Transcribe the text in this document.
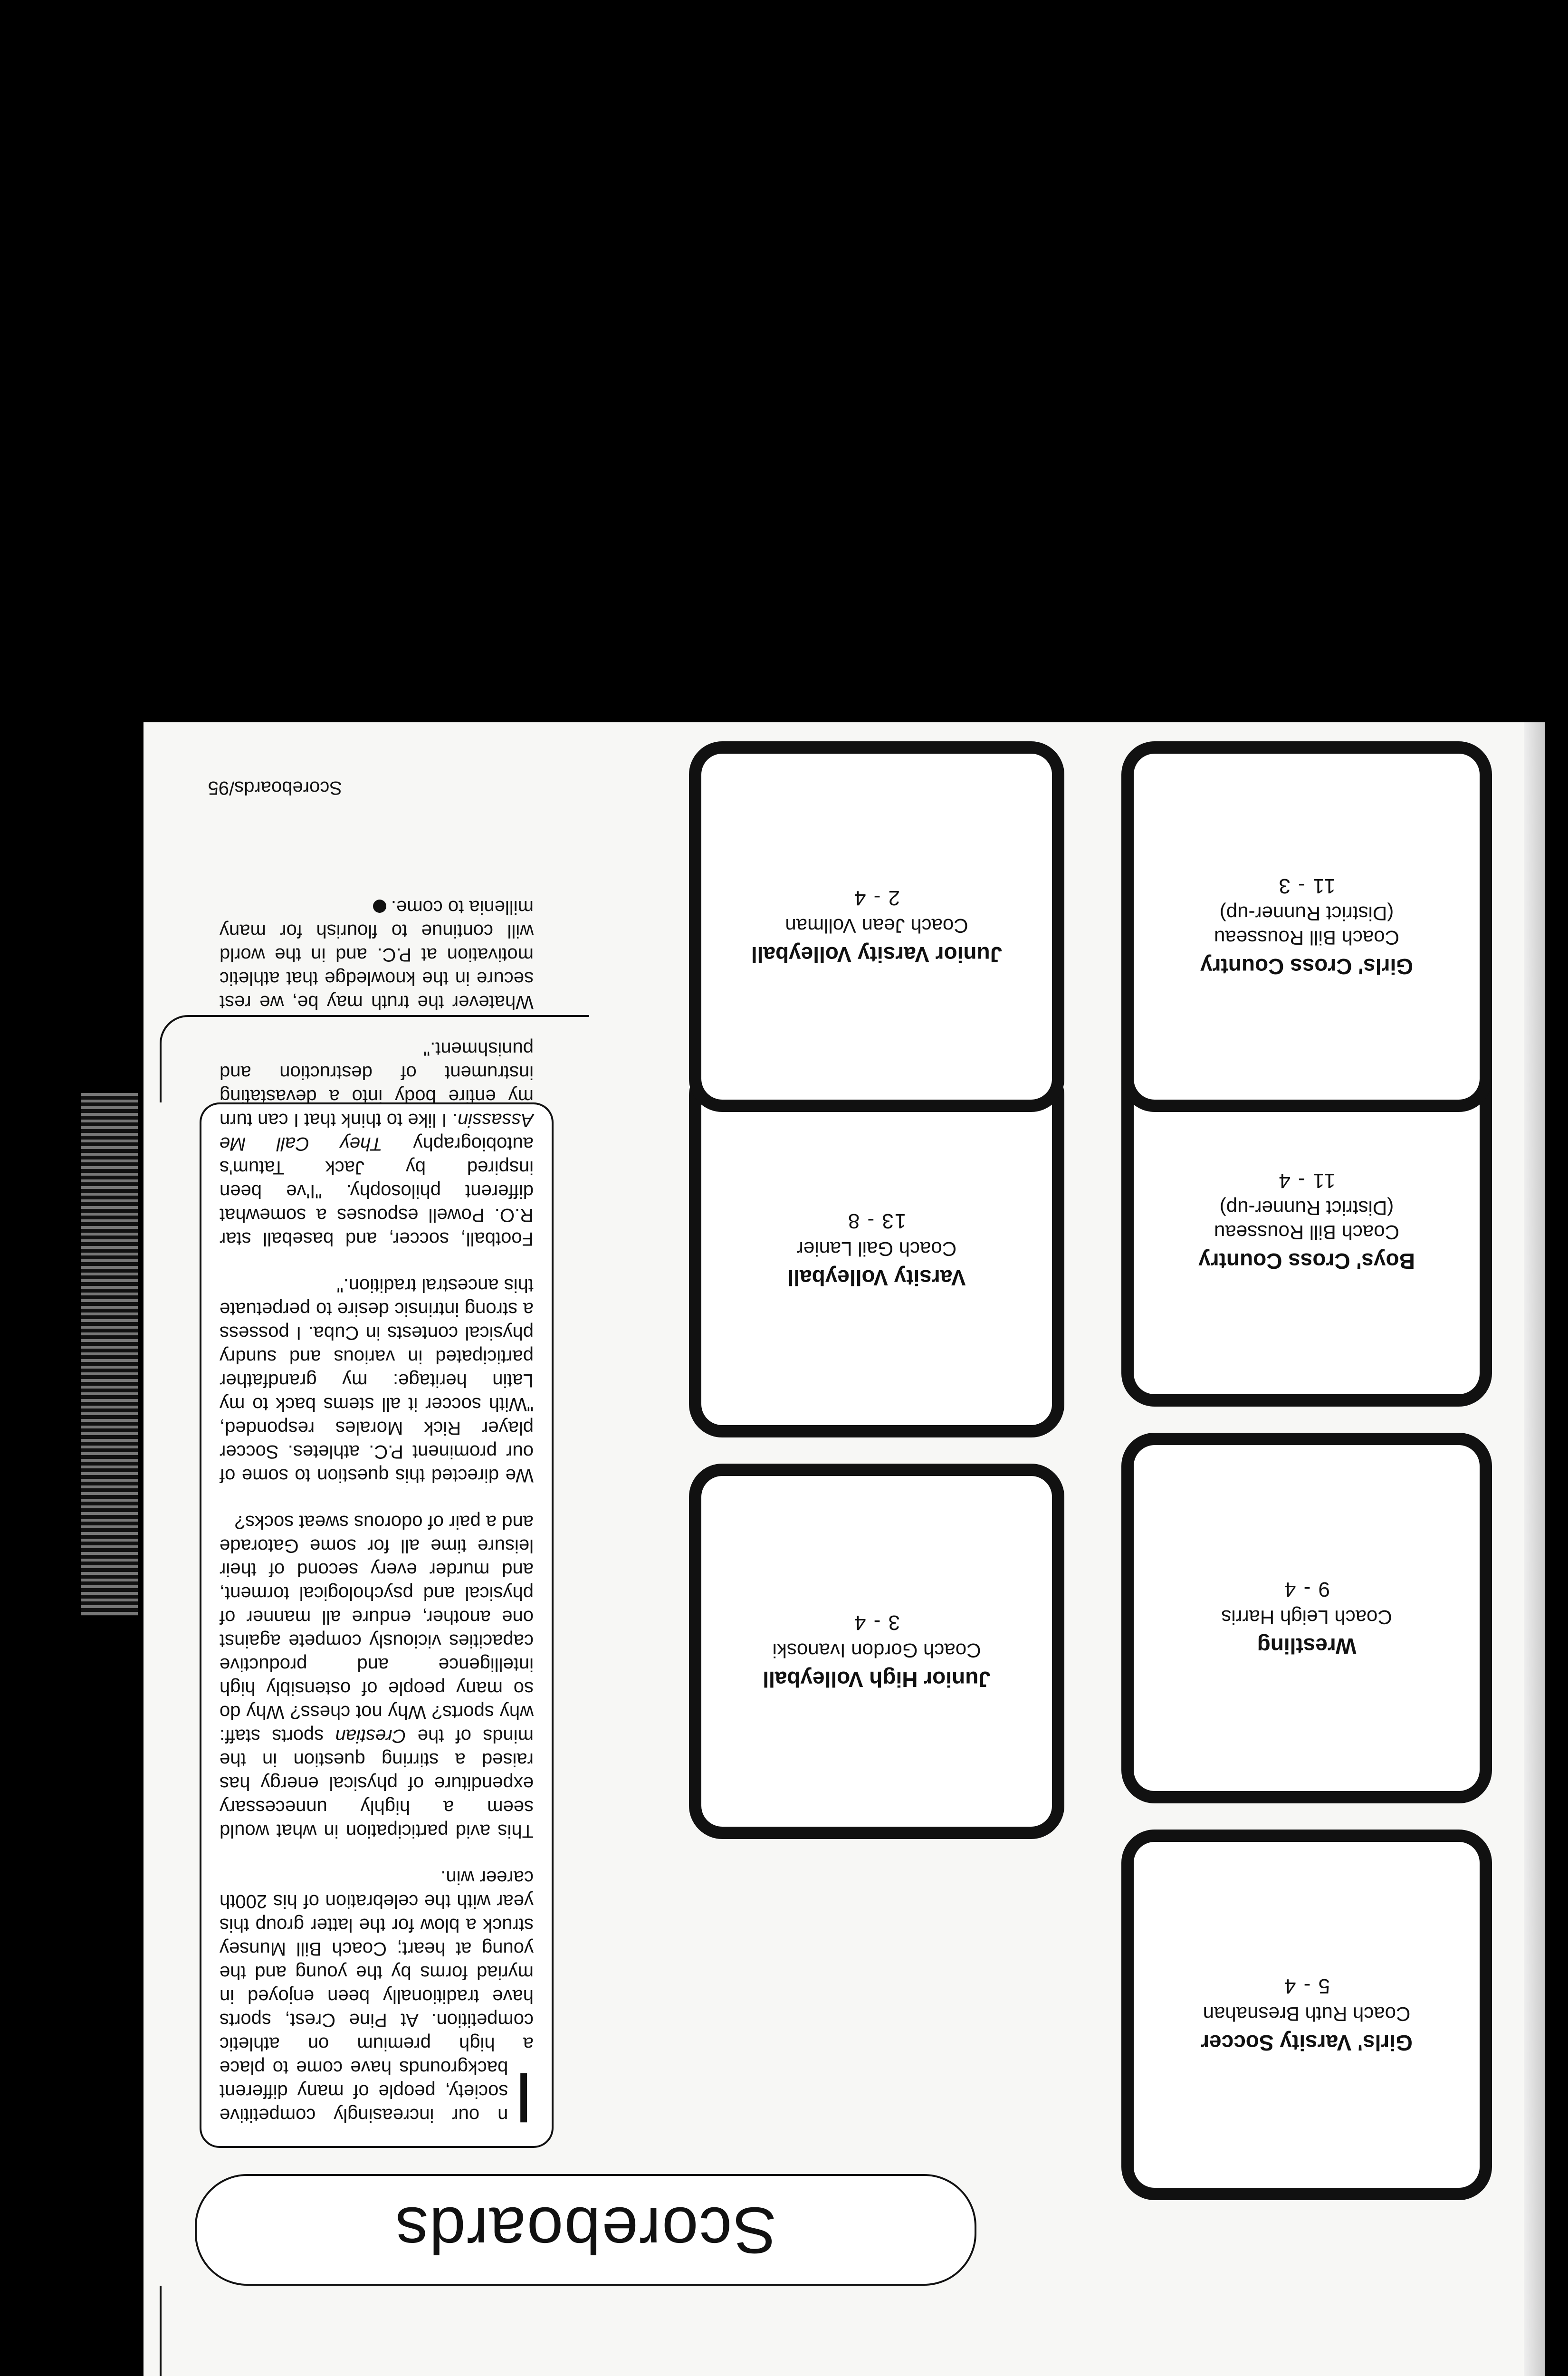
Scoreboards
Girls' Varsity Soccer
Coach Ruth Bresnahan
5 - 4
Wrestling
Coach Leigh Harris
9 - 4
Boys' Cross Country
Coach Bill Rousseau
(District Runner-up)
11 - 4
Girls' Cross Country
Coach Bill Rousseau
(District Runner-up)
11 - 3
Junior High Volleyball
Coach Gordon Ivanoski
3 - 4
Varsity Volleyball
Coach Gail Lanier
13 - 8

I
n our increasingly competitive society, people of many different backgrounds have come to place a high premium on athletic competition. At Pine Crest, sports have traditionally been enjoyed in myriad forms by the young and the young at heart; Coach Bill Munsey struck a blow for the latter group this year with the celebration of his 200th career win.

This avid participation in what would seem a highly unnecessary expenditure of physical energy has raised a stirring question in the minds of the Crestian sports staff: why sports? Why not chess? Why do so many people of ostensibly high intelligence and productive capacities viciously compete against one another, endure all manner of physical and psychological torment, and murder every second of their leisure time all for some Gatorade and a pair of odorous sweat socks?

We directed this question to some of our prominent P.C. athletes. Soccer player Rick Morales responded, "With soccer it all stems back to my Latin heritage: my grandfather participated in various and sundry physical contests in Cuba. I possess a strong intrinsic desire to perpetuate this ancestral tradition."

Football, soccer, and baseball star R.O. Powell espouses a somewhat different philosophy. "I've been inspired by Jack Tatum's autobiography They Call Me Assassin. I like to think that I can turn my entire body into a devastating instrument of destruction and punishment."

Whatever the truth may be, we rest secure in the knowledge that athletic motivation at P.C. and in the world will continue to flourish for many millenia to come.

Scoreboards/95
Junior Varsity Volleyball
Coach Jean Vollman
2 - 4
